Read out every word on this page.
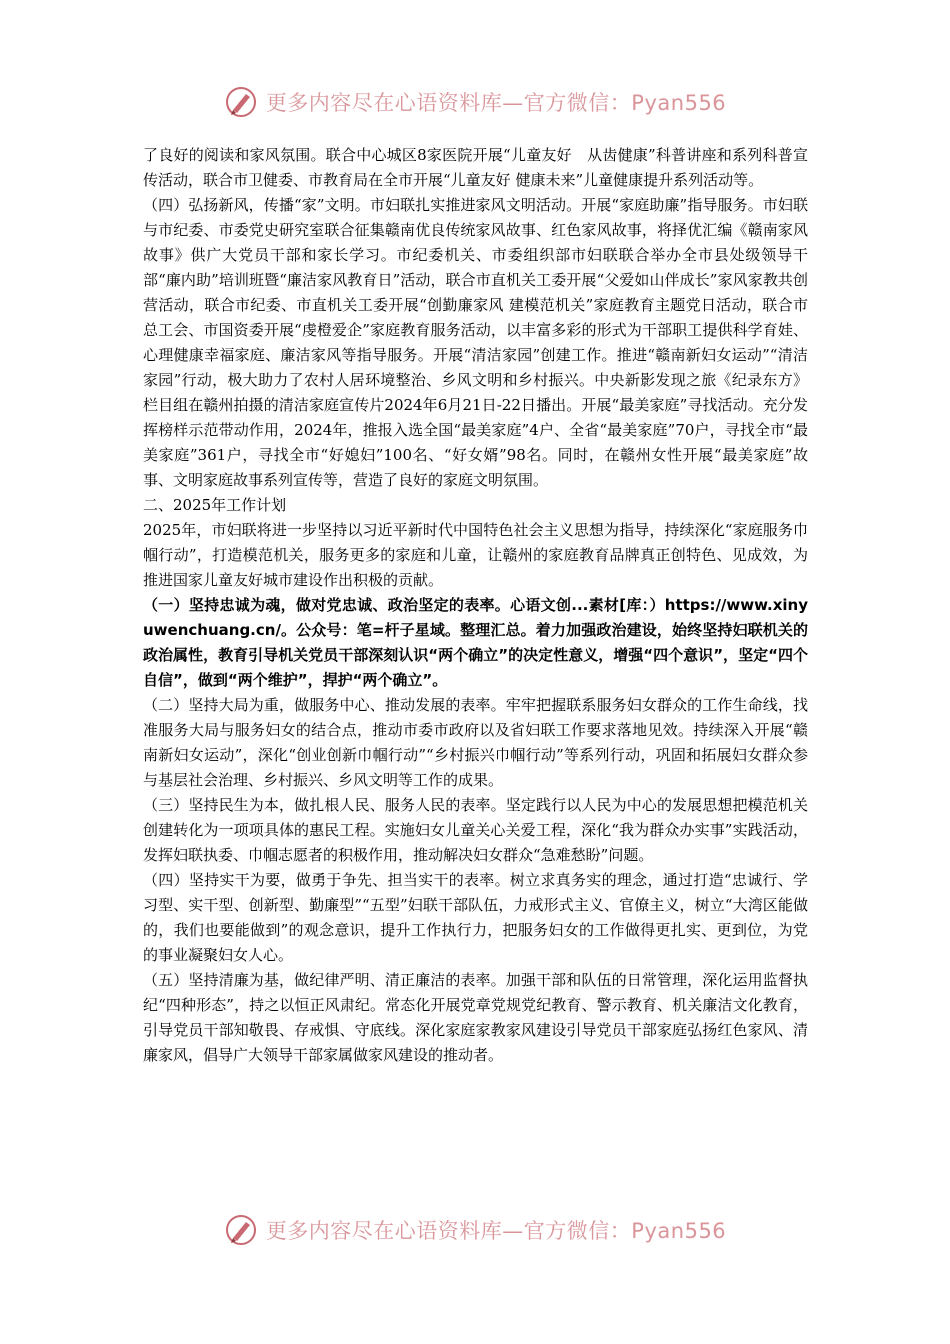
更多内容尽在心语资料库—官方微信：Pyan556

了良好的阅读和家风氛围。联合中心城区8家医院开展“儿童友好　从齿健康”科普讲座和系列科普宣传活动，联合市卫健委、市教育局在全市开展“儿童友好 健康未来”儿童健康提升系列活动等。

（四）弘扬新风，传播“家”文明。市妇联扎实推进家风文明活动。开展“家庭助廉”指导服务。市妇联与市纪委、市委党史研究室联合征集赣南优良传统家风故事、红色家风故事，将择优汇编《赣南家风故事》供广大党员干部和家长学习。市纪委机关、市委组织部市妇联联合举办全市县处级领导干部“廉内助”培训班暨“廉洁家风教育日”活动，联合市直机关工委开展“父爱如山伴成长”家风家教共创营活动，联合市纪委、市直机关工委开展“创勤廉家风 建模范机关”家庭教育主题党日活动，联合市总工会、市国资委开展“虔橙爱企”家庭教育服务活动，以丰富多彩的形式为干部职工提供科学育娃、心理健康幸福家庭、廉洁家风等指导服务。开展“清洁家园”创建工作。推进“赣南新妇女运动”“清洁家园”行动，极大助力了农村人居环境整治、乡风文明和乡村振兴。中央新影发现之旅《纪录东方》栏目组在赣州拍摄的清洁家庭宣传片2024年6月21日-22日播出。开展“最美家庭”寻找活动。充分发挥榜样示范带动作用，2024年，推报入选全国“最美家庭”4户、全省“最美家庭”70户，寻找全市“最美家庭”361户，寻找全市“好媳妇”100名、“好女婿”98名。同时，在赣州女性开展“最美家庭”故事、文明家庭故事系列宣传等，营造了良好的家庭文明氛围。

二、2025年工作计划

2025年，市妇联将进一步坚持以习近平新时代中国特色社会主义思想为指导，持续深化“家庭服务巾帼行动”，打造模范机关，服务更多的家庭和儿童，让赣州的家庭教育品牌真正创特色、见成效，为推进国家儿童友好城市建设作出积极的贡献。

（一）坚持忠诚为魂，做对党忠诚、政治坚定的表率。心语文创...素材[库：）https://www.xinyuwenchuang.cn/。公众号：笔=杆子星域。整理汇总。着力加强政治建设，始终坚持妇联机关的政治属性，教育引导机关党员干部深刻认识“两个确立”的决定性意义，增强“四个意识”，坚定“四个自信”，做到“两个维护”，捍护“两个确立”。

（二）坚持大局为重，做服务中心、推动发展的表率。牢牢把握联系服务妇女群众的工作生命线，找准服务大局与服务妇女的结合点，推动市委市政府以及省妇联工作要求落地见效。持续深入开展“赣南新妇女运动”，深化“创业创新巾帼行动”“乡村振兴巾帼行动”等系列行动，巩固和拓展妇女群众参与基层社会治理、乡村振兴、乡风文明等工作的成果。

（三）坚持民生为本，做扎根人民、服务人民的表率。坚定践行以人民为中心的发展思想把模范机关创建转化为一项项具体的惠民工程。实施妇女儿童关心关爱工程，深化“我为群众办实事”实践活动，发挥妇联执委、巾帼志愿者的积极作用，推动解决妇女群众“急难愁盼”问题。

（四）坚持实干为要，做勇于争先、担当实干的表率。树立求真务实的理念，通过打造“忠诚行、学习型、实干型、创新型、勤廉型”“五型”妇联干部队伍，力戒形式主义、官僚主义，树立“大湾区能做的，我们也要能做到”的观念意识，提升工作执行力，把服务妇女的工作做得更扎实、更到位，为党的事业凝聚妇女人心。

（五）坚持清廉为基，做纪律严明、清正廉洁的表率。加强干部和队伍的日常管理，深化运用监督执纪“四种形态”，持之以恒正风肃纪。常态化开展党章党规党纪教育、警示教育、机关廉洁文化教育，引导党员干部知敬畏、存戒惧、守底线。深化家庭家教家风建设引导党员干部家庭弘扬红色家风、清廉家风，倡导广大领导干部家属做家风建设的推动者。

更多内容尽在心语资料库—官方微信：Pyan556
